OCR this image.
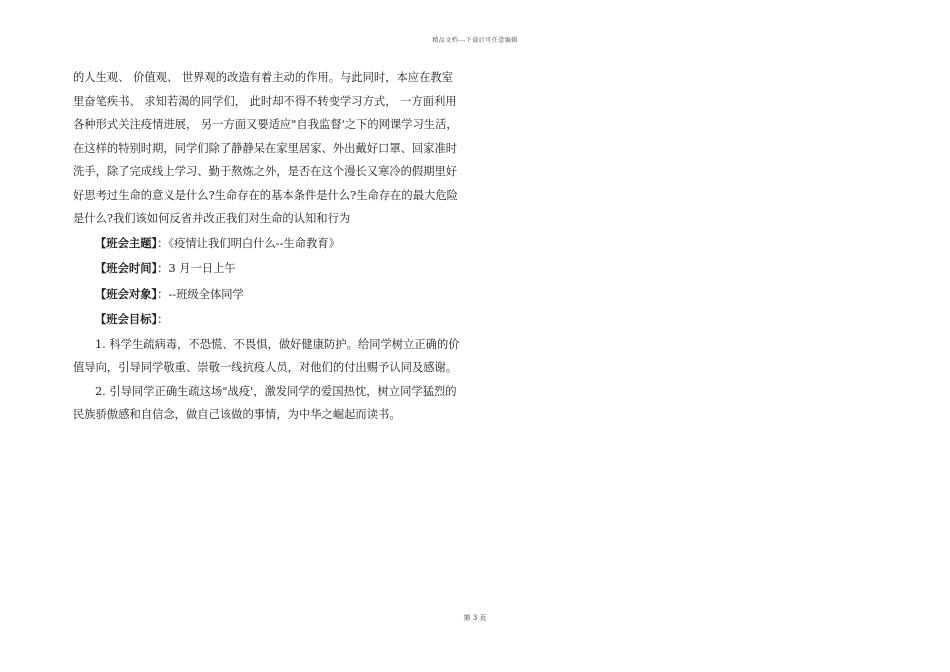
精品文档---下载后可任意编辑

的人生观、 价值观、 世界观的改造有着主动的作用。与此同时，本应在教室
里奋笔疾书、 求知若渴的同学们， 此时却不得不转变学习方式， 一方面利用
各种形式关注疫情进展， 另一方面又要适应"自我监督'之下的网课学习生活，
在这样的特别时期，同学们除了静静呆在家里居家、外出戴好口罩、回家准时
洗手，除了完成线上学习、勤于熬炼之外，是否在这个漫长又寒冷的假期里好
好思考过生命的意义是什么?生命存在的基本条件是什么?生命存在的最大危险
是什么?我们该如何反省并改正我们对生命的认知和行为

【班会主题】：《疫情让我们明白什么--生命教育》

【班会时间】：3 月一日上午

【班会对象】：--班级全体同学

【班会目标】：

1. 科学生疏病毒，不恐慌、不畏惧，做好健康防护。给同学树立正确的价
值导向，引导同学敬重、崇敬一线抗疫人员，对他们的付出赐予认同及感谢。

2. 引导同学正确生疏这场"战疫'，激发同学的爱国热忱，树立同学猛烈的
民族骄傲感和自信念，做自己该做的事情，为中华之崛起而读书。

第 3 页
